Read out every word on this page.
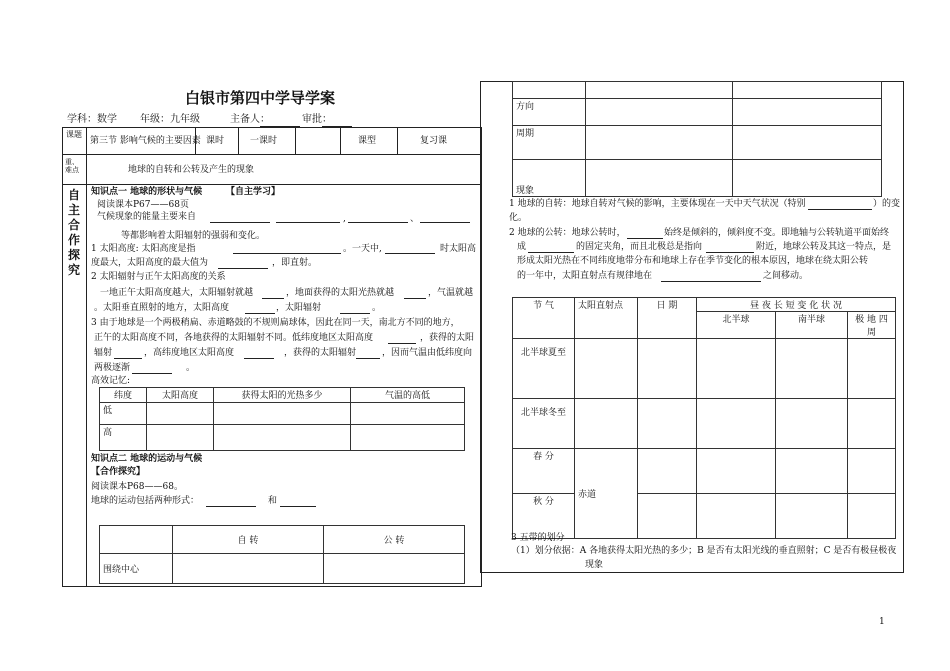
白银市第四中学导学案
学科：数学 年级：九年级	主备人：	审批：
课题
第三节 影响气候的主要因素 课时	一课时	课型	复习课
重、难点	地球的自转和公转及产生的现象
自主合作探究
知识点一 地球的形状与气候	【自主学习】
阅读课本P67——68页
气候现象的能量主要来自	,	、
等都影响着太阳辐射的强弱和变化。
1 太阳高度: 太阳高度是指	。一天中,	时太阳高
度最大，太阳高度的最大值为	，即直射。
2 太阳辐射与正午太阳高度的关系
一地正午太阳高度越大，太阳辐射就越	，地面获得的太阳光热就越	，气温就越
。太阳垂直照射的地方，太阳高度	，太阳辐射	。
3 由于地球是一个两极稍扁、赤道略鼓的不规则扁球体，因此在同一天，南北方不同的地方，
正午的太阳高度不同，各地获得的太阳辐射不同。低纬度地区太阳高度	，获得的太阳
辐射	，高纬度地区太阳高度	，获得的太阳辐射	，因而气温由低纬度向
两极逐渐	。
高效记忆:
纬度	太阳高度	获得太阳的光热多少	气温的高低
低			
高			
知识点二 地球的运动与气候
【合作探究】
阅读课本P68——68。
地球的运动包括两种形式：	和
	自 转	公 转
围绕中心		

方向		
周期		
现象		
1 地球的自转：地球自转对气候的影响，主要体现在一天中天气状况（特别	）的变
化。
2 地球的公转：地球公转时，	始终是倾斜的，倾斜度不变。即地轴与公转轨道平面始终
成	的固定夹角，而且北极总是指向	附近，地球公转及其这一特点，是
形成太阳光热在不同纬度地带分布和地球上存在季节变化的根本原因，地球在绕太阳公转
的一年中，太阳直射点有规律地在	之间移动。
节 气	太阳直射点	日 期	昼 夜 长 短 变 化 状 况		
			北半球	南半球	极 地 四 周
北半球夏至					
北半球冬至					
春 分	赤道				
秋 分					
3 五带的划分
（1）划分依据：A 各地获得太阳光热的多少；B 是否有太阳光线的垂直照射；C 是否有极昼极夜
现象
1
